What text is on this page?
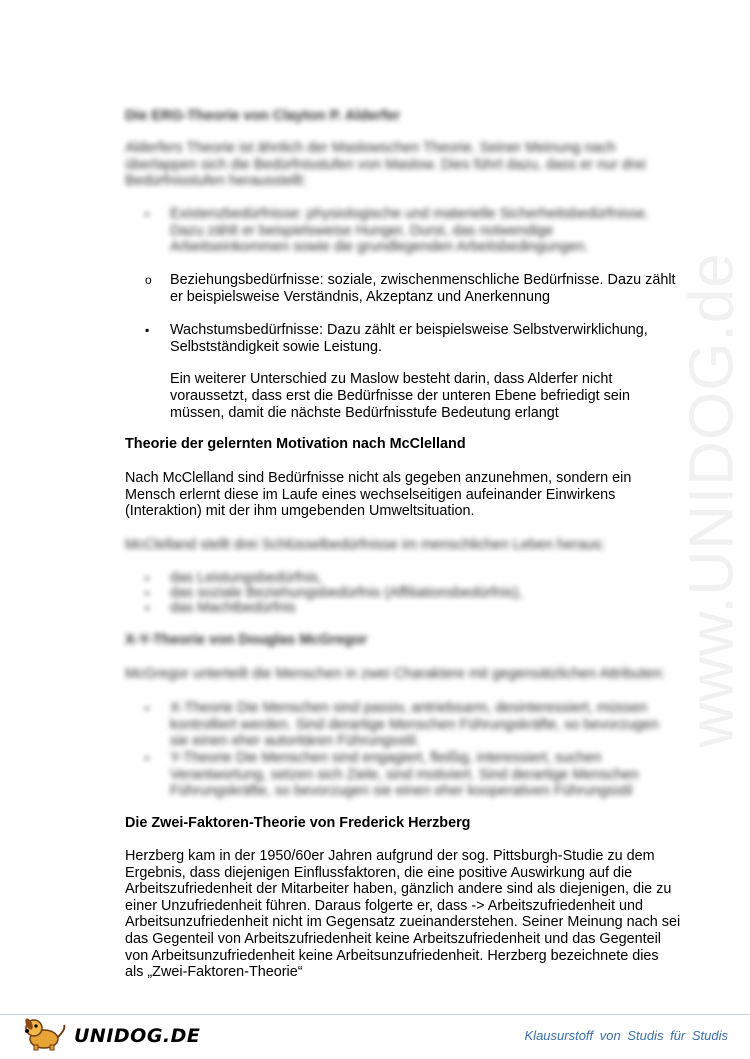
www.UNIDOG.de
Die ERG-Theorie von Clayton P. Alderfer
Alderfers Theorie ist ähnlich der Maslowschen Theorie. Seiner Meinung nach überlappen sich die Bedürfnisstufen von Maslow. Dies führt dazu, dass er nur drei Bedürfnisstufen herausstellt:
▪	Existenzbedürfnisse: physiologische und materielle Sicherheitsbedürfnisse. Dazu zählt er beispielsweise Hunger, Durst, das notwendige Arbeitseinkommen sowie die grundlegenden Arbeitsbedingungen.
o Beziehungsbedürfnisse: soziale, zwischenmenschliche Bedürfnisse. Dazu zählt
er beispielsweise Verständnis, Akzeptanz und Anerkennung
▪	Wachstumsbedürfnisse: Dazu zählt er beispielsweise Selbstverwirklichung,
Selbstständigkeit sowie Leistung.
Ein weiterer Unterschied zu Maslow besteht darin, dass Alderfer nicht
voraussetzt, dass erst die Bedürfnisse der unteren Ebene befriedigt sein
müssen, damit die nächste Bedürfnisstufe Bedeutung erlangt
Theorie der gelernten Motivation nach McClelland
Nach McClelland sind Bedürfnisse nicht als gegeben anzunehmen, sondern ein
Mensch erlernt diese im Laufe eines wechselseitigen aufeinander Einwirkens
(Interaktion) mit der ihm umgebenden Umweltsituation.
McClelland stellt drei Schlüsselbedürfnisse im menschlichen Leben heraus:
▪	das Leistungsbedürfnis,
▪	das soziale Beziehungsbedürfnis (Affiliationsbedürfnis),
▪	das Machtbedürfnis
X-Y-Theorie von Douglas McGregor
McGregor unterteilt die Menschen in zwei Charaktere mit gegensätzlichen Attributen:
▪	X-Theorie Die Menschen sind passiv, antriebsarm, desinteressiert, müssen kontrolliert werden. Sind derartige Menschen Führungskräfte, so bevorzugen sie einen eher autoritären Führungsstil.
▪	Y-Theorie Die Menschen sind engagiert, fleißig, interessiert, suchen Verantwortung, setzen sich Ziele, sind motiviert. Sind derartige Menschen Führungskräfte, so bevorzugen sie einen eher kooperativen Führungsstil
Die Zwei-Faktoren-Theorie von Frederick Herzberg
Herzberg kam in der 1950/60er Jahren aufgrund der sog. Pittsburgh-Studie zu dem
Ergebnis, dass diejenigen Einflussfaktoren, die eine positive Auswirkung auf die
Arbeitszufriedenheit der Mitarbeiter haben, gänzlich andere sind als diejenigen, die zu
einer Unzufriedenheit führen. Daraus folgerte er, dass -> Arbeitszufriedenheit und
Arbeitsunzufriedenheit nicht im Gegensatz zueinanderstehen. Seiner Meinung nach sei
das Gegenteil von Arbeitszufriedenheit keine Arbeitszufriedenheit und das Gegenteil
von Arbeitsunzufriedenheit keine Arbeitsunzufriedenheit. Herzberg bezeichnete dies
als „Zwei-Faktoren-Theorie“
UNIDOG.DE	Klausurstoff von Studis für Studis
